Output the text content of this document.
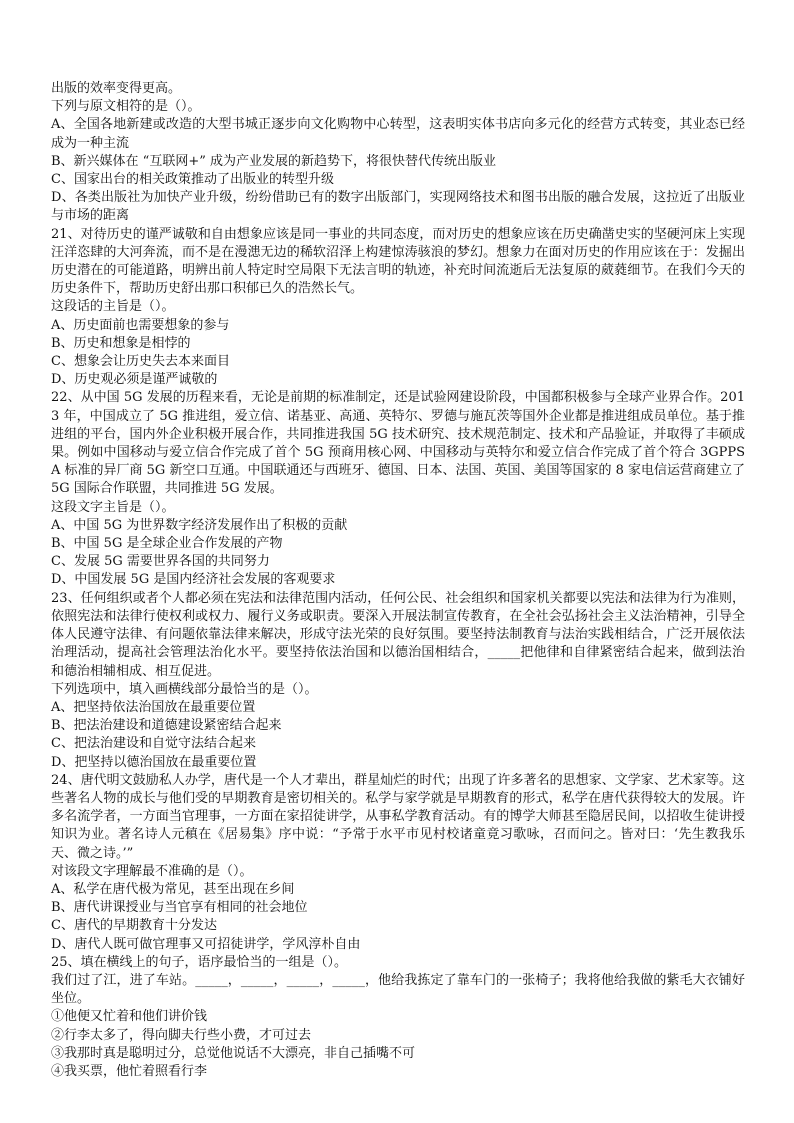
出版的效率变得更高。
下列与原文相符的是（）。
A、全国各地新建或改造的大型书城正逐步向文化购物中心转型，这表明实体书店向多元化的经营方式转变，其业态已经成为一种主流
B、新兴媒体在 “互联网+” 成为产业发展的新趋势下，将很快替代传统出版业
C、国家出台的相关政策推动了出版业的转型升级
D、各类出版社为加快产业升级，纷纷借助已有的数字出版部门，实现网络技术和图书出版的融合发展，这拉近了出版业与市场的距离
21、对待历史的谨严诚敬和自由想象应该是同一事业的共同态度，而对历史的想象应该在历史确凿史实的坚硬河床上实现汪洋恣肆的大河奔流，而不是在漫漶无边的稀软沼泽上构建惊涛骇浪的梦幻。想象力在面对历史的作用应该在于：发掘出历史潜在的可能道路，明辨出前人特定时空局限下无法言明的轨迹，补充时间流逝后无法复原的葳蕤细节。在我们今天的历史条件下，帮助历史舒出那口积郁已久的浩然长气。
这段话的主旨是（）。
A、历史面前也需要想象的参与
B、历史和想象是相悖的
C、想象会让历史失去本来面目
D、历史观必须是谨严诚敬的
22、从中国 5G 发展的历程来看，无论是前期的标准制定，还是试验网建设阶段，中国都积极参与全球产业界合作。2013 年，中国成立了 5G 推进组，爱立信、诺基亚、高通、英特尔、罗德与施瓦茨等国外企业都是推进组成员单位。基于推进组的平台，国内外企业积极开展合作，共同推进我国 5G 技术研究、技术规范制定、技术和产品验证，并取得了丰硕成果。例如中国移动与爱立信合作完成了首个 5G 预商用核心网、中国移动与英特尔和爱立信合作完成了首个符合 3GPPSA 标准的异厂商 5G 新空口互通。中国联通还与西班牙、德国、日本、法国、英国、美国等国家的 8 家电信运营商建立了 5G 国际合作联盟，共同推进 5G 发展。
这段文字主旨是（）。
A、中国 5G 为世界数字经济发展作出了积极的贡献
B、中国 5G 是全球企业合作发展的产物
C、发展 5G 需要世界各国的共同努力
D、中国发展 5G 是国内经济社会发展的客观要求
23、任何组织或者个人都必须在宪法和法律范围内活动，任何公民、社会组织和国家机关都要以宪法和法律为行为准则，依照宪法和法律行使权利或权力、履行义务或职责。要深入开展法制宣传教育，在全社会弘扬社会主义法治精神，引导全体人民遵守法律、有问题依靠法律来解决，形成守法光荣的良好氛围。要坚持法制教育与法治实践相结合，广泛开展依法治理活动，提高社会管理法治化水平。要坚持依法治国和以德治国相结合，_____把他律和自律紧密结合起来，做到法治和德治相辅相成、相互促进。
下列选项中，填入画横线部分最恰当的是（）。
A、把坚持依法治国放在最重要位置
B、把法治建设和道德建设紧密结合起来
C、把法治建设和自觉守法结合起来
D、把坚持以德治国放在最重要位置
24、唐代明文鼓励私人办学，唐代是一个人才辈出，群星灿烂的时代；出现了许多著名的思想家、文学家、艺术家等。这些著名人物的成长与他们受的早期教育是密切相关的。私学与家学就是早期教育的形式，私学在唐代获得较大的发展。许多名流学者，一方面当官理事，一方面在家招徒讲学，从事私学教育活动。有的博学大师甚至隐居民间，以招收生徒讲授知识为业。著名诗人元稹在《居易集》序中说：“予常于水平市见村校诸童竟习歌咏，召而问之。皆对曰：‘先生教我乐天、微之诗。’”
对该段文字理解最不准确的是（）。
A、私学在唐代极为常见，甚至出现在乡间
B、唐代讲课授业与当官享有相同的社会地位
C、唐代的早期教育十分发达
D、唐代人既可做官理事又可招徒讲学，学风淳朴自由
25、填在横线上的句子，语序最恰当的一组是（）。
我们过了江，进了车站。_____，_____，_____，_____，他给我拣定了靠车门的一张椅子；我将他给我做的紫毛大衣铺好坐位。
①他便又忙着和他们讲价钱
②行李太多了，得向脚夫行些小费，才可过去
③我那时真是聪明过分，总觉他说话不大漂亮，非自己插嘴不可
④我买票，他忙着照看行李
